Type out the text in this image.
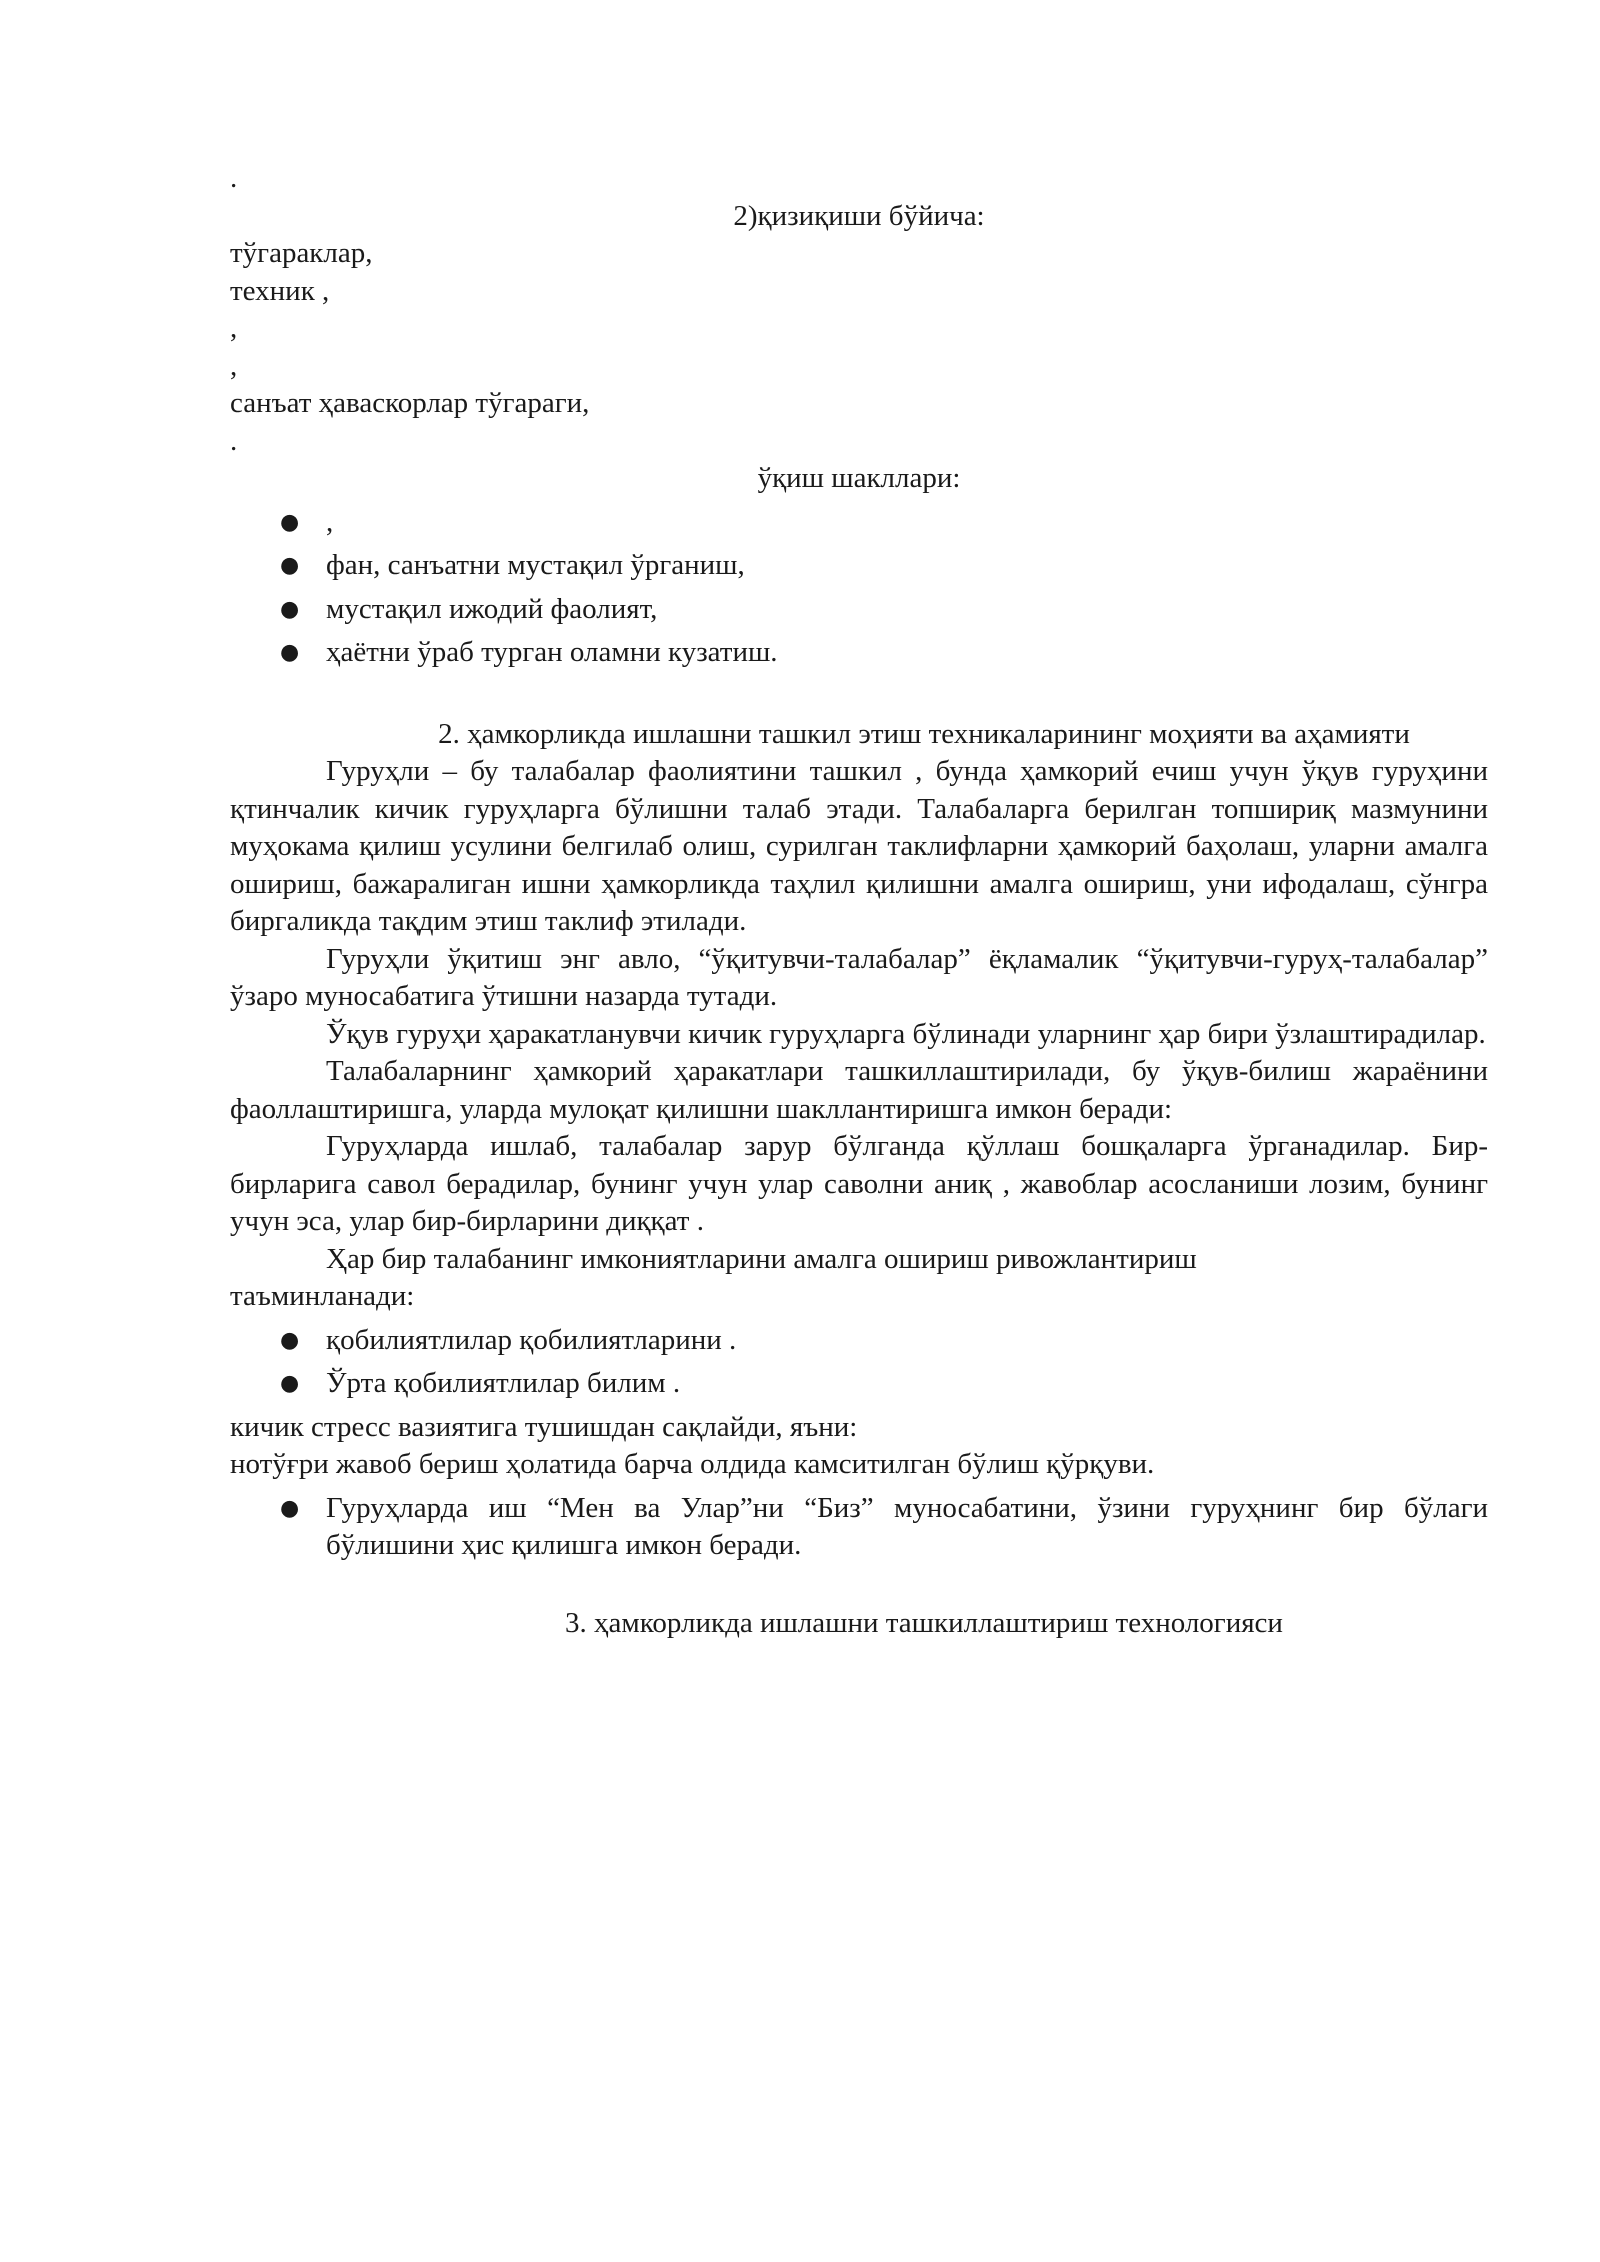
.

2)қизиқиши бўйича:

тўгараклар,

техник ,

,

,

санъат ҳаваскорлар тўгараги,

.

ўқиш шакллари:

● ,
● фан, санъатни мустақил ўрганиш,
● мустақил ижодий фаолият,
● ҳаётни ўраб турган оламни кузатиш.

2. ҳамкорликда ишлашни ташкил этиш техникаларининг моҳияти ва аҳамияти

Гуруҳли – бу талабалар фаолиятини ташкил , бунда ҳамкорий ечиш учун ўқув гуруҳини қтинчалик кичик гуруҳларга бўлишни талаб этади. Талабаларга берилган топшириқ мазмунини муҳокама қилиш усулини белгилаб олиш, сурилган таклифларни ҳамкорий баҳолаш, уларни амалга ошириш, бажаралиган ишни ҳамкорликда таҳлил қилишни амалга ошириш, уни ифодалаш, сўнгра биргаликда тақдим этиш таклиф этилади.

Гуруҳли ўқитиш энг авло, “ўқитувчи-талабалар” ёқламалик “ўқитувчи-гуруҳ-талабалар” ўзаро муносабатига ўтишни назарда тутади.

Ўқув гуруҳи ҳаракатланувчи кичик гуруҳларга бўлинади уларнинг ҳар бири ўзлаштирадилар.

Талабаларнинг ҳамкорий ҳаракатлари ташкиллаштирилади, бу ўқув-билиш жараёнини фаоллаштиришга, уларда мулоқат қилишни шакллантиришга имкон беради:

Гуруҳларда ишлаб, талабалар зарур бўлганда қўллаш бошқаларга ўрганадилар. Бир-бирларига савол берадилар, бунинг учун улар саволни аниқ , жавоблар асосланиши лозим, бунинг учун эса, улар бир-бирларини диққат .

Ҳар бир талабанинг имкониятларини амалга ошириш ривожлантириш

таъминланади:

● қобилиятлилар қобилиятларини .
● Ўрта қобилиятлилар билим .

кичик стресс вазиятига тушишдан сақлайди, яъни:

нотўғри жавоб бериш ҳолатида барча олдида камситилган бўлиш қўрқуви.

● Гуруҳларда иш “Мен ва Улар”ни “Биз” муносабатини, ўзини гуруҳнинг бир бўлаги бўлишини ҳис қилишга имкон беради.

3. ҳамкорликда ишлашни ташкиллаштириш технологияси
